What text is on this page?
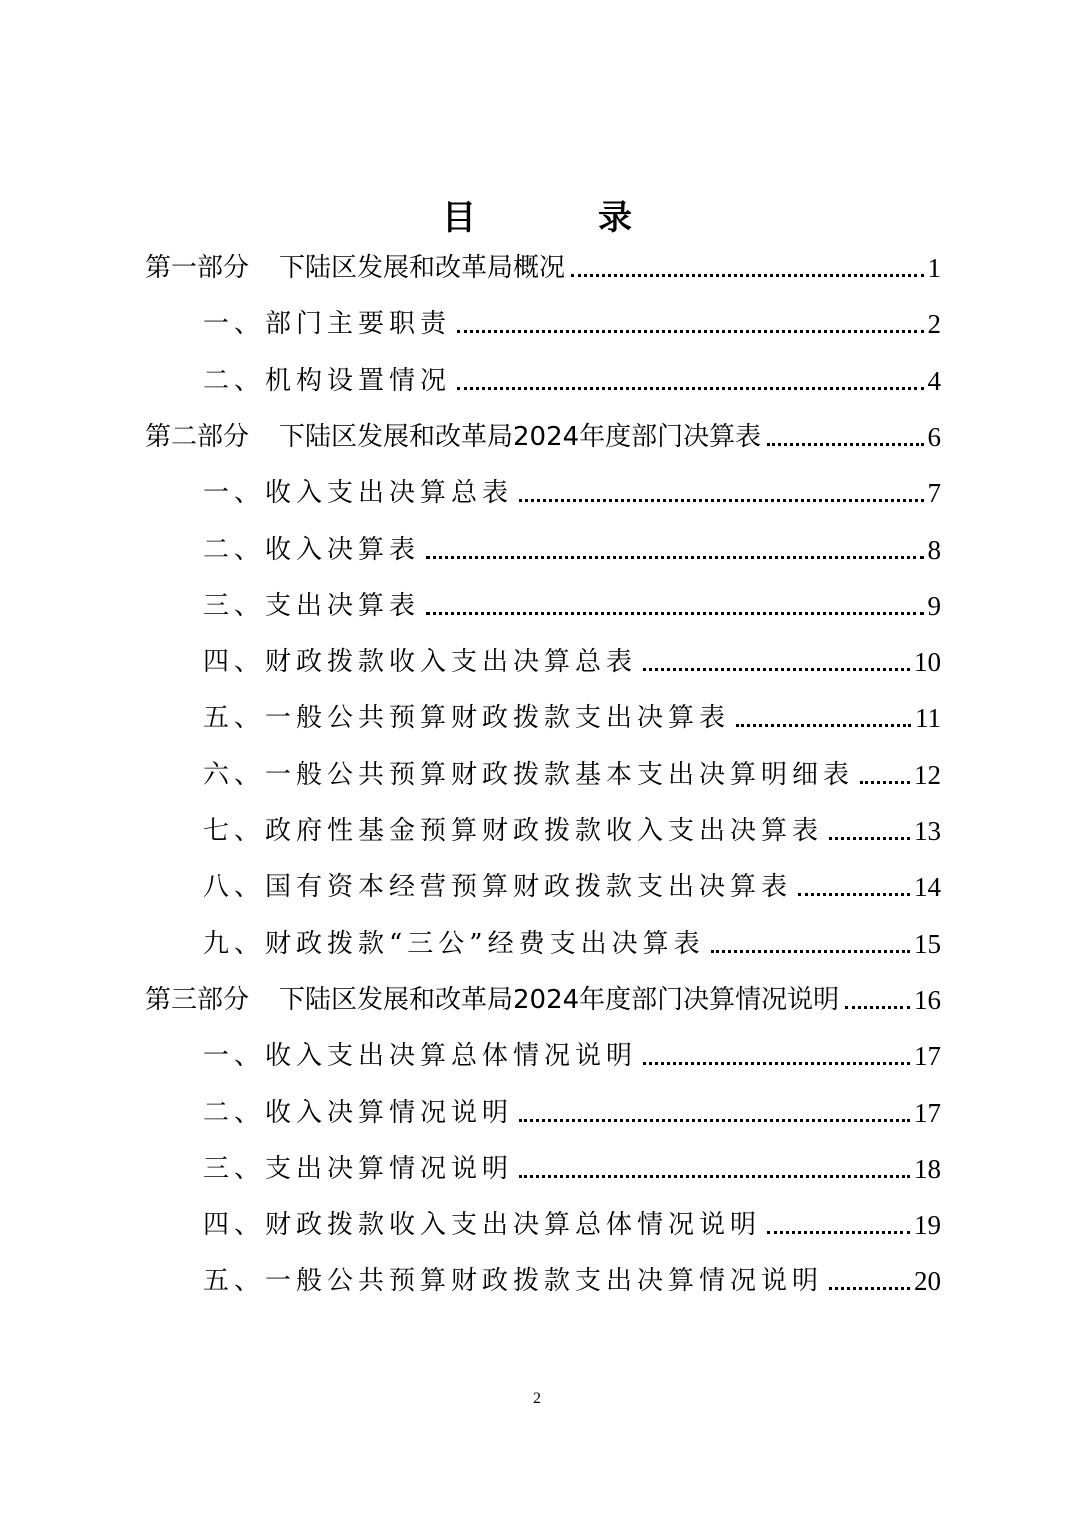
目　录
第一部分 下陆区发展和改革局概况	1
一、部门主要职责	2
二、机构设置情况	4
第二部分 下陆区发展和改革局2024年度部门决算表	6
一、收入支出决算总表	7
二、收入决算表	8
三、支出决算表	9
四、财政拨款收入支出决算总表	10
五、一般公共预算财政拨款支出决算表	11
六、一般公共预算财政拨款基本支出决算明细表 12
七、政府性基金预算财政拨款收入支出决算表	13
八、国有资本经营预算财政拨款支出决算表	14
九、财政拨款“三公”经费支出决算表	15
第三部分 下陆区发展和改革局2024年度部门决算情况说明	16
一、收入支出决算总体情况说明	17
二、收入决算情况说明	17
三、支出决算情况说明	18
四、财政拨款收入支出决算总体情况说明	19
五、一般公共预算财政拨款支出决算情况说明	20
2
